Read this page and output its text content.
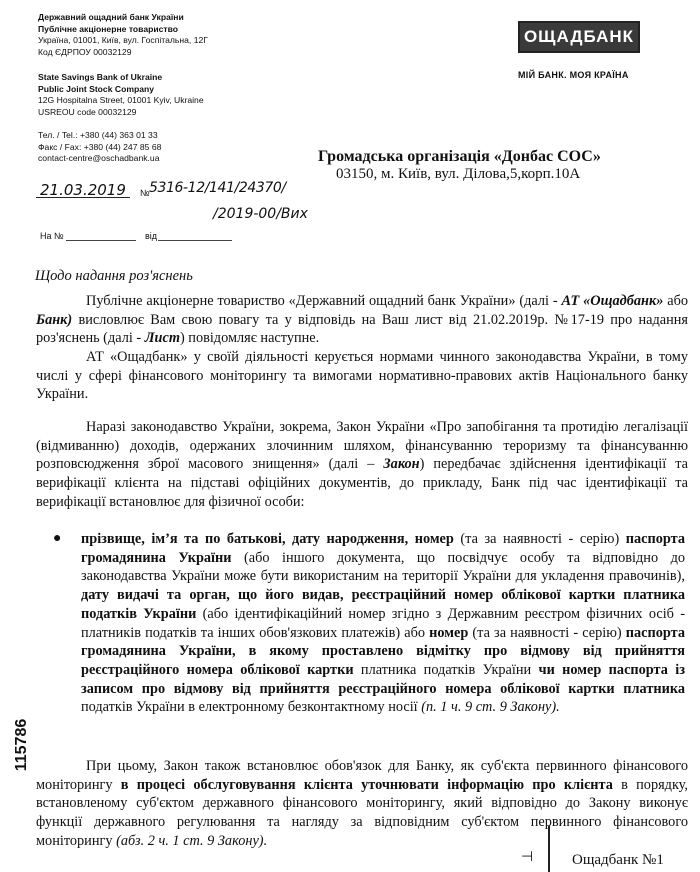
Державний ощадний банк України
Публічне акціонерне товариство
Україна, 01001, Київ, вул. Госпітальна, 12Г
Код ЄДРПОУ 00032129
State Savings Bank of Ukraine
Public Joint Stock Company
12G Hospitalna Street, 01001 Kyiv, Ukraine
USREOU code 00032129
Тел. / Tel.: +380 (44) 363 01 33
Факс / Fax: +380 (44) 247 85 68
contact-centre@oschadbank.ua
ОЩАДБАНК
МІЙ БАНК. МОЯ КРАЇНА
Громадська організація «Донбас СОС»
03150, м. Київ, вул. Ділова,5,корп.10А
21.03.2019 № 5316-12/141/24370/
/2019-00/Вих
На №	від
Щодо надання роз'яснень

Публічне акціонерне товариство «Державний ощадний банк України» (далі - АТ «Ощадбанк» або Банк) висловлює Вам свою повагу та у відповідь на Ваш лист від 21.02.2019р. №17-19 про надання роз'яснень (далі - Лист) повідомляє наступне.

АТ «Ощадбанк» у своїй діяльності керується нормами чинного законодавства України, в тому числі у сфері фінансового моніторингу та вимогами нормативно-правових актів Національного банку України.

Наразі законодавство України, зокрема, Закон України «Про запобігання та протидію легалізації (відмиванню) доходів, одержаних злочинним шляхом, фінансуванню тероризму та фінансуванню розповсюдження зброї масового знищення» (далі – Закон) передбачає здійснення ідентифікації та верифікації клієнта на підставі офіційних документів, до прикладу, Банк під час ідентифікації та верифікації встановлює для фізичної особи:

● прізвище, ім’я та по батькові, дату народження, номер (та за наявності - серію) паспорта громадянина України (або іншого документа, що посвідчує особу та відповідно до законодавства України може бути використаним на території України для укладення правочинів), дату видачі та орган, що його видав, реєстраційний номер облікової картки платника податків України (або ідентифікаційний номер згідно з Державним реєстром фізичних осіб - платників податків та інших обов'язкових платежів) або номер (та за наявності - серію) паспорта громадянина України, в якому проставлено відмітку про відмову від прийняття реєстраційного номера облікової картки платника податків України чи номер паспорта із записом про відмову від прийняття реєстраційного номера облікової картки платника податків України в електронному безконтактному носії (п. 1 ч. 9 ст. 9 Закону).

При цьому, Закон також встановлює обов'язок для Банку, як суб'єкта первинного фінансового моніторингу в процесі обслуговування клієнта уточнювати інформацію про клієнта в порядку, встановленому суб'єктом державного фінансового моніторингу, який відповідно до Закону виконує функції державного регулювання та нагляду за відповідним суб'єктом первинного фінансового моніторингу (абз. 2 ч. 1 ст. 9 Закону).

115786
Ощадбанк №1
⊣
